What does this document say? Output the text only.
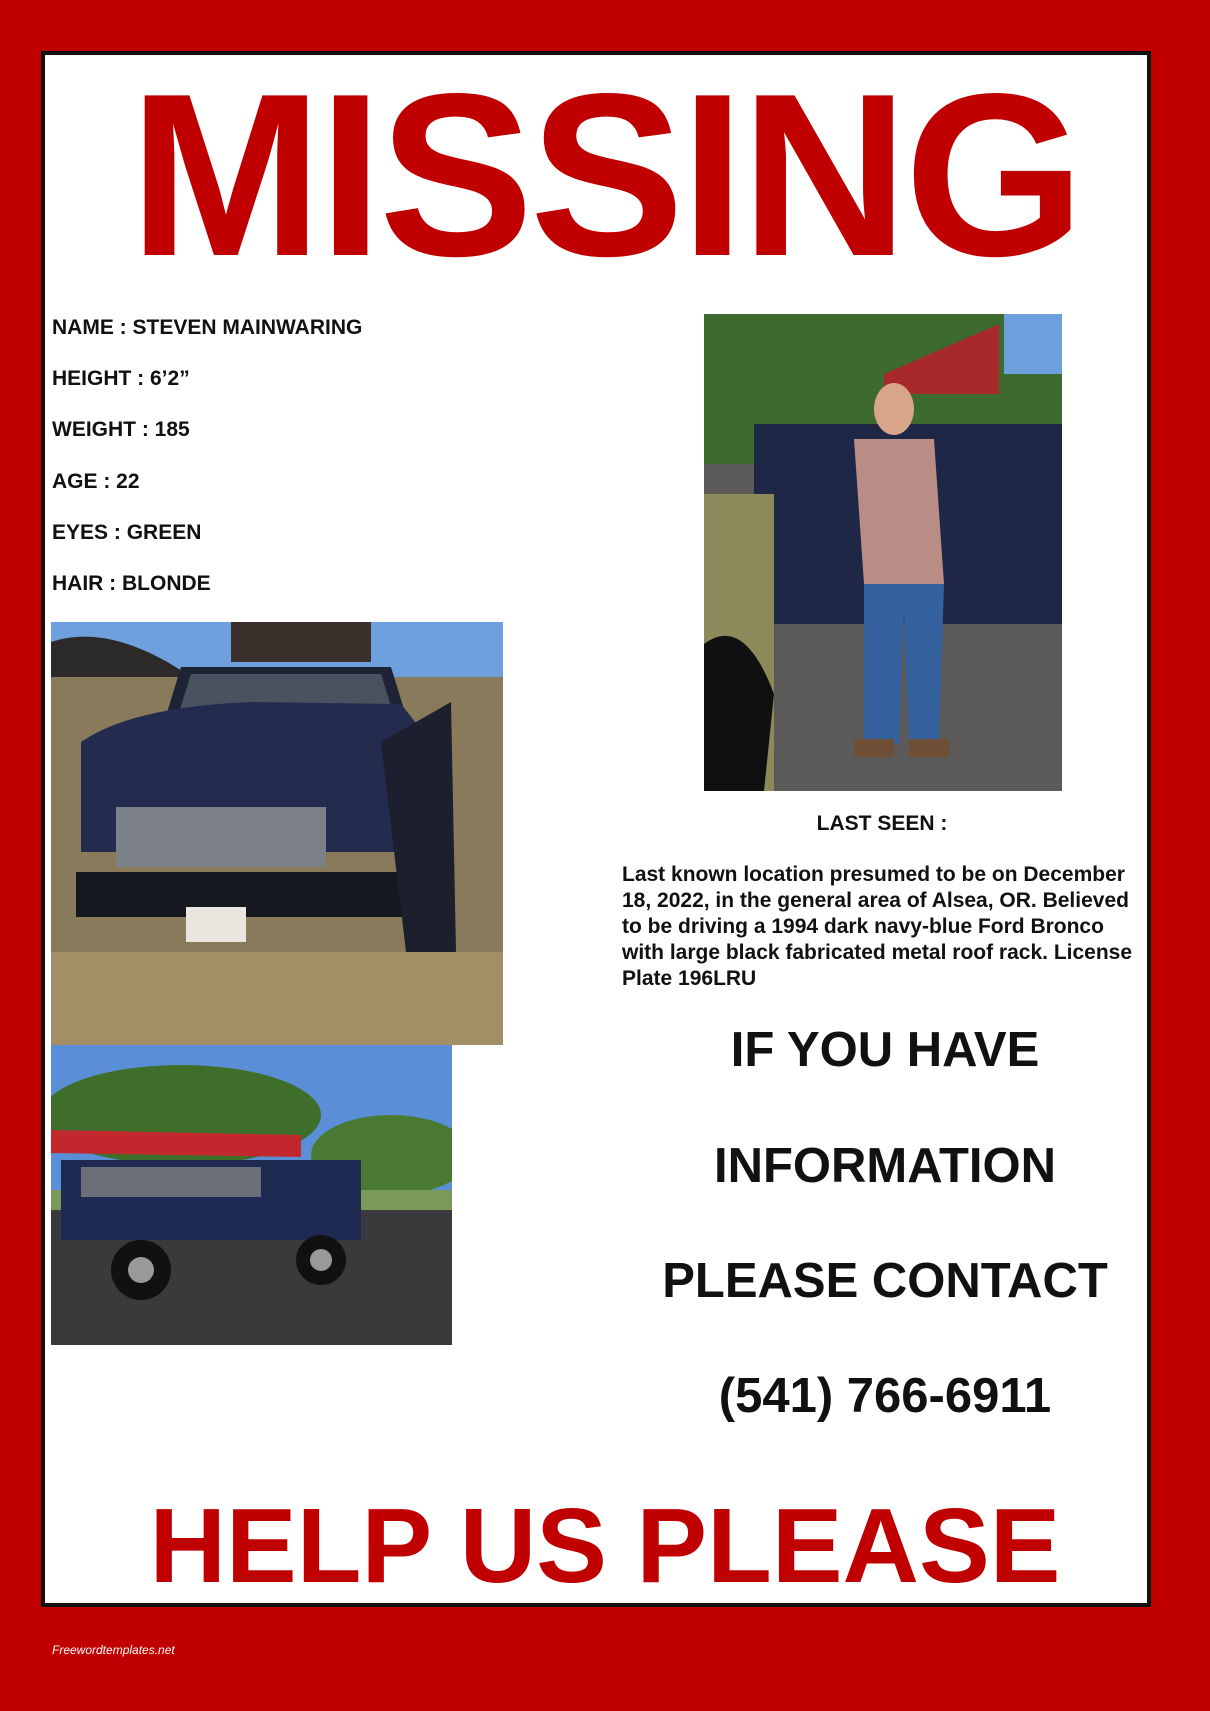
MISSING
NAME : STEVEN MAINWARING
HEIGHT : 6’2”
WEIGHT : 185
AGE : 22
EYES : GREEN
HAIR : BLONDE
LAST SEEN :
Last known location presumed to be on December 18, 2022, in the general area of Alsea, OR. Believed to be driving a 1994 dark navy-blue Ford Bronco with large black fabricated metal roof rack. License Plate 196LRU
IF YOU HAVE
INFORMATION
PLEASE CONTACT
(541) 766-6911
HELP US PLEASE
Freewordtemplates.net
